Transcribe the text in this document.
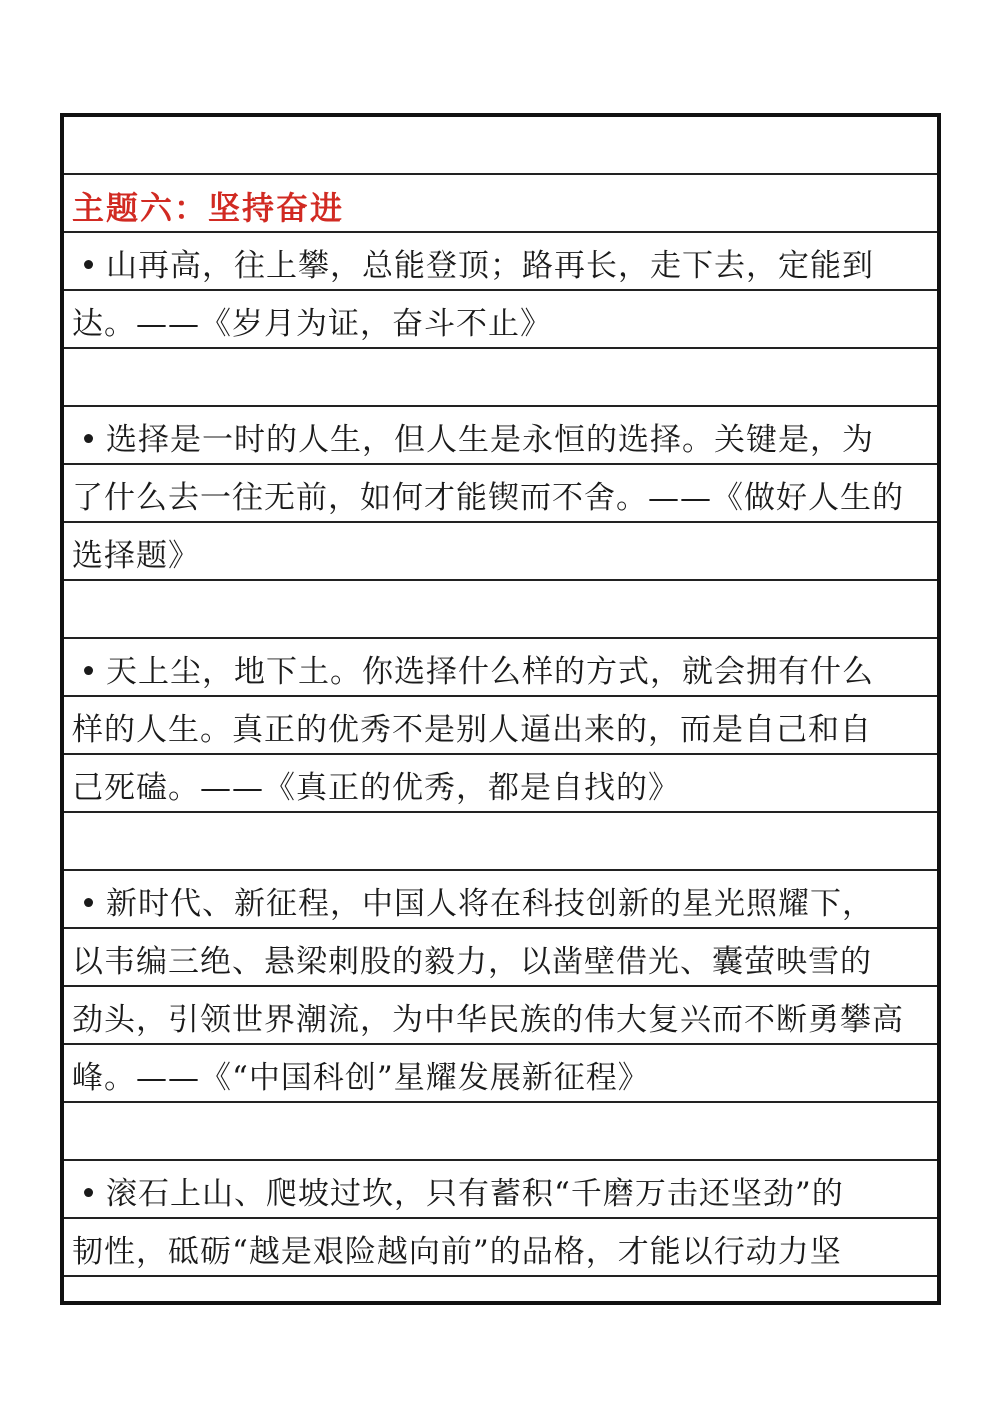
主题六：坚持奋进
• 山再高，往上攀，总能登顶；路再长，走下去，定能到
达。——《岁月为证，奋斗不止》
• 选择是一时的人生，但人生是永恒的选择。关键是，为
了什么去一往无前，如何才能锲而不舍。——《做好人生的
选择题》
• 天上尘，地下土。你选择什么样的方式，就会拥有什么
样的人生。真正的优秀不是别人逼出来的，而是自己和自
己死磕。——《真正的优秀，都是自找的》
• 新时代、新征程，中国人将在科技创新的星光照耀下，
以韦编三绝、悬梁刺股的毅力，以凿壁借光、囊萤映雪的
劲头，引领世界潮流，为中华民族的伟大复兴而不断勇攀高
峰。——《“中国科创”星耀发展新征程》
• 滚石上山、爬坡过坎，只有蓄积“千磨万击还坚劲”的
韧性，砥砺“越是艰险越向前”的品格，才能以行动力坚
